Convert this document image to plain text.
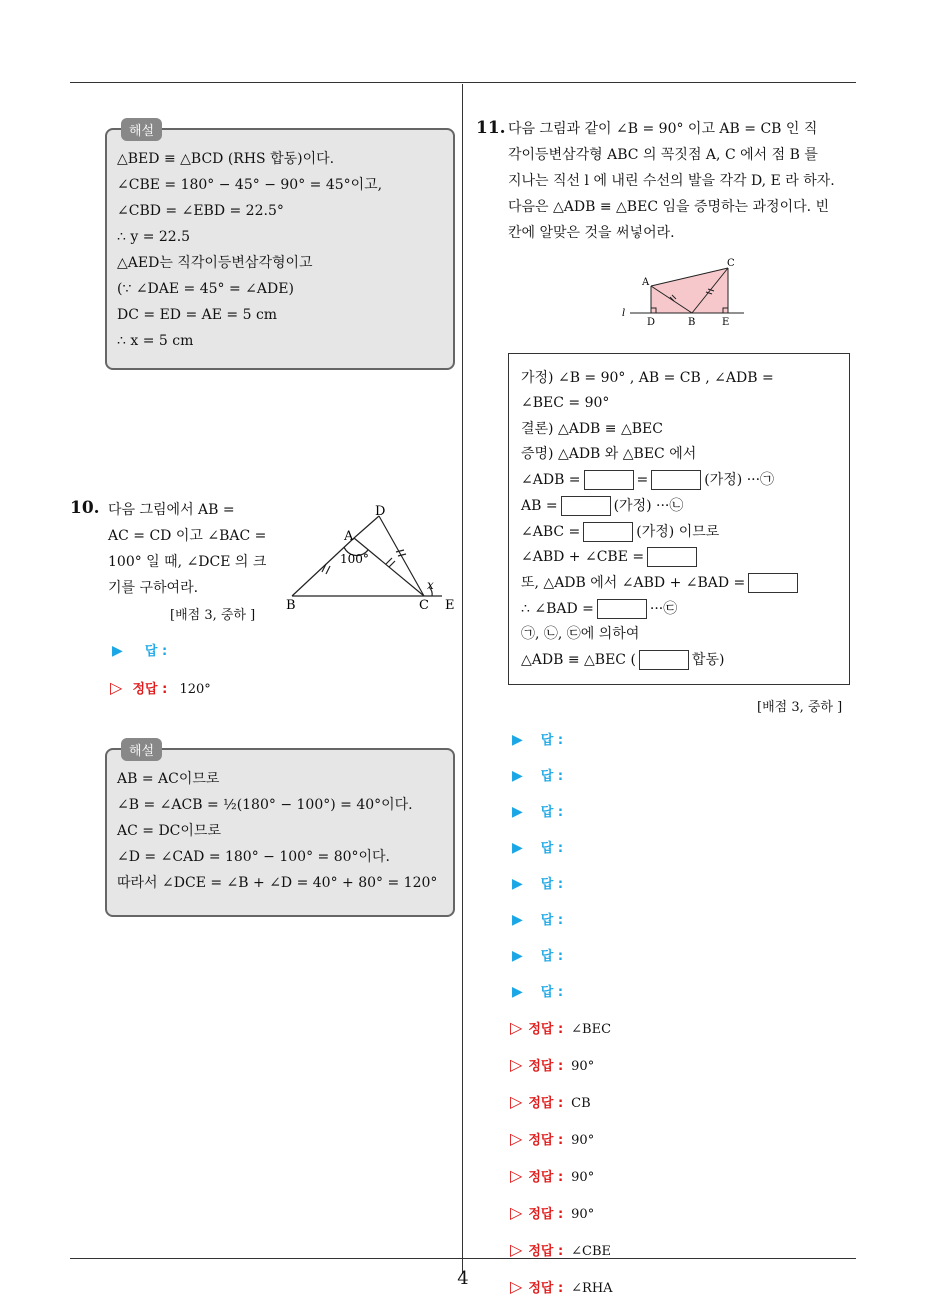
4
해설
△BED ≡ △BCD (RHS 합동)이다.
∠CBE = 180° − 45° − 90° = 45°이고,
∠CBD = ∠EBD = 22.5°
∴ y = 22.5
△AED는 직각이등변삼각형이고
(∵ ∠DAE = 45° = ∠ADE)
DC = ED = AE = 5 cm
∴ x = 5 cm
10. 다음 그림에서 AB =
AC = CD 이고 ∠BAC =
100° 일 때, ∠DCE 의 크
기를 구하여라.
[배점 3, 중하 ]
D
A
100°
B	C E
x
▶ 답 :
▷ 정답 : 120°
해설
AB = AC이므로
∠B = ∠ACB = ½(180° − 100°) = 40°이다.
AC = DC이므로
∠D = ∠CAD = 180° − 100° = 80°이다.
따라서 ∠DCE = ∠B + ∠D = 40° + 80° = 120°
11. 다음 그림과 같이 ∠B = 90° 이고 AB = CB 인 직
각이등변삼각형 ABC 의 꼭짓점 A, C 에서 점 B 를
지나는 직선 l 에 내린 수선의 발을 각각 D, E 라 하자.
다음은 △ADB ≡ △BEC 임을 증명하는 과정이다. 빈
칸에 알맞은 것을 써넣어라.
A
C
D	B	E
l
가정) ∠B = 90° , AB = CB , ∠ADB =
∠BEC = 90°
결론) △ADB ≡ △BEC
증명) △ADB 와 △BEC 에서
∠ADB =	=	(가정) ···㉠
AB =	(가정) ···㉡
∠ABC =	(가정) 이므로
∠ABD + ∠CBE =
또, △ADB 에서 ∠ABD + ∠BAD =
∴ ∠BAD =	···㉢
㉠, ㉡, ㉢에 의하여
△ADB ≡ △BEC (	합동)
[배점 3, 중하 ]
▶ 답 :
▶ 답 :
▶ 답 :
▶ 답 :
▶ 답 :
▶ 답 :
▶ 답 :
▶ 답 :
▷ 정답 : ∠BEC
▷ 정답 : 90°
▷ 정답 : CB
▷ 정답 : 90°
▷ 정답 : 90°
▷ 정답 : 90°
▷ 정답 : ∠CBE
▷ 정답 : ∠RHA
